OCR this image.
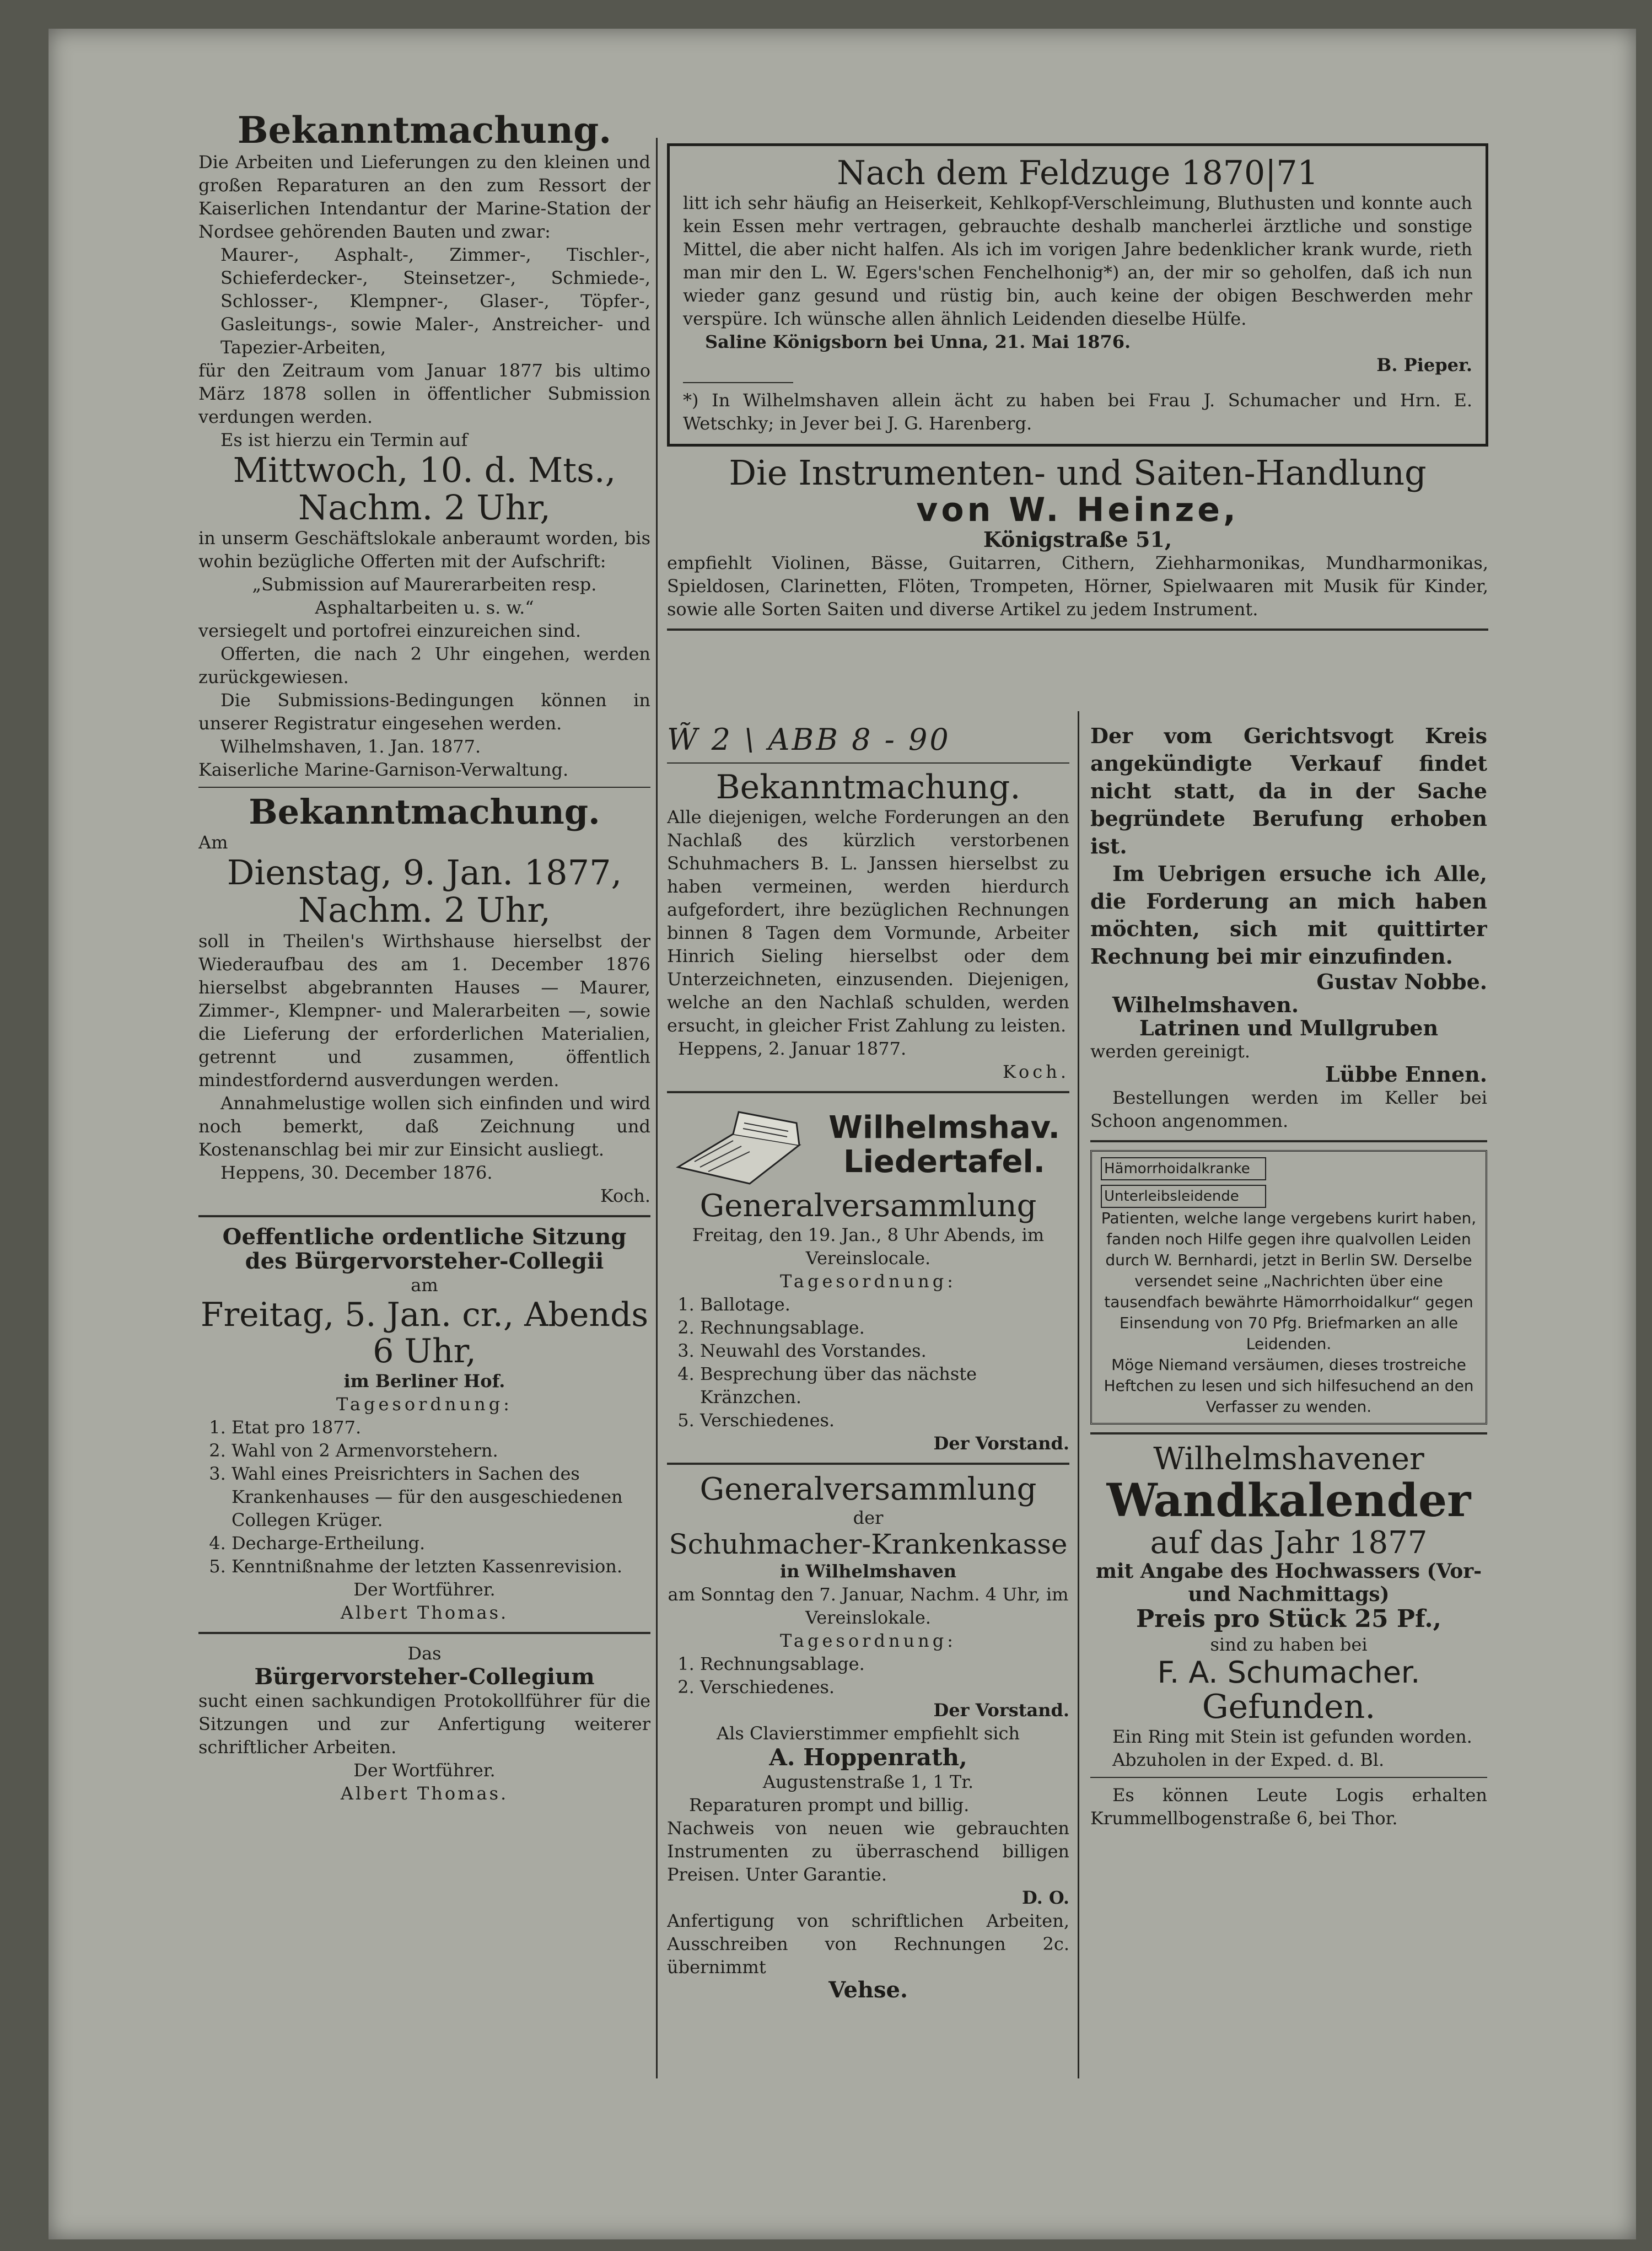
Bekanntmachung.

Die Arbeiten und Lieferungen zu den kleinen und großen Reparaturen an den zum Ressort der Kaiserlichen Intendantur der Marine-Station der Nordsee gehörenden Bauten und zwar:

Maurer-, Asphalt-, Zimmer-, Tischler-, Schieferdecker-, Steinsetzer-, Schmiede-, Schlosser-, Klempner-, Glaser-, Töpfer-, Gasleitungs-, sowie Maler-, Anstreicher- und Tapezier-Arbeiten,

für den Zeitraum vom Januar 1877 bis ultimo März 1878 sollen in öffentlicher Submission verdungen werden.

Es ist hierzu ein Termin auf

Mittwoch, 10. d. Mts., Nachm. 2 Uhr,

in unserm Geschäftslokale anberaumt worden, bis wohin bezügliche Offerten mit der Aufschrift:

„Submission auf Maurerarbeiten resp. Asphaltarbeiten u. s. w.“

versiegelt und portofrei einzureichen sind.

Offerten, die nach 2 Uhr eingehen, werden zurückgewiesen.

Die Submissions-Bedingungen können in unserer Registratur eingesehen werden.

Wilhelmshaven, 1. Jan. 1877.

Kaiserliche Marine-Garnison-Verwaltung.

Bekanntmachung.

Am

Dienstag, 9. Jan. 1877, Nachm. 2 Uhr,

soll in Theilen's Wirthshause hierselbst der Wiederaufbau des am 1. December 1876 hierselbst abgebrannten Hauses — Maurer, Zimmer-, Klempner- und Malerarbeiten —, sowie die Lieferung der erforderlichen Materialien, getrennt und zusammen, öffentlich mindestfordernd ausverdungen werden.

Annahmelustige wollen sich einfinden und wird noch bemerkt, daß Zeichnung und Kostenanschlag bei mir zur Einsicht ausliegt.

Heppens, 30. December 1876.

Koch.

Oeffentliche ordentliche Sitzung des Bürgervorsteher-Collegii

am

Freitag, 5. Jan. cr., Abends 6 Uhr,

im Berliner Hof.

Tagesordnung:

1. Etat pro 1877.
2. Wahl von 2 Armenvorstehern.
3. Wahl eines Preisrichters in Sachen des Krankenhauses — für den ausgeschiedenen Collegen Krüger.
4. Decharge-Ertheilung.
5. Kenntnißnahme der letzten Kassenrevision.

Der Wortführer.

Albert Thomas.

Das

Bürgervorsteher-Collegium

sucht einen sachkundigen Protokollführer für die Sitzungen und zur Anfertigung weiterer schriftlicher Arbeiten.

Der Wortführer.

Albert Thomas.

Nach dem Feldzuge 1870|71

litt ich sehr häufig an Heiserkeit, Kehlkopf-Verschleimung, Bluthusten und konnte auch kein Essen mehr vertragen, gebrauchte deshalb mancherlei ärztliche und sonstige Mittel, die aber nicht halfen. Als ich im vorigen Jahre bedenklicher krank wurde, rieth man mir den L. W. Egers'schen Fenchelhonig*) an, der mir so geholfen, daß ich nun wieder ganz gesund und rüstig bin, auch keine der obigen Beschwerden mehr verspüre. Ich wünsche allen ähnlich Leidenden dieselbe Hülfe.

Saline Königsborn bei Unna, 21. Mai 1876.

B. Pieper.

*) In Wilhelmshaven allein ächt zu haben bei Frau J. Schumacher und Hrn. E. Wetschky; in Jever bei J. G. Harenberg.

Die Instrumenten- und Saiten-Handlung

von W. Heinze,

Königstraße 51,

empfiehlt Violinen, Bässe, Guitarren, Cithern, Ziehharmonikas, Mundharmonikas, Spieldosen, Clarinetten, Flöten, Trompeten, Hörner, Spielwaaren mit Musik für Kinder, sowie alle Sorten Saiten und diverse Artikel zu jedem Instrument.

W̃ 2 \ ABB 8 - 90

Bekanntmachung.

Alle diejenigen, welche Forderungen an den Nachlaß des kürzlich verstorbenen Schuhmachers B. L. Janssen hierselbst zu haben vermeinen, werden hierdurch aufgefordert, ihre bezüglichen Rechnungen binnen 8 Tagen dem Vormunde, Arbeiter Hinrich Sieling hierselbst oder dem Unterzeichneten, einzusenden. Diejenigen, welche an den Nachlaß schulden, werden ersucht, in gleicher Frist Zahlung zu leisten.

Heppens, 2. Januar 1877.

Koch.

Wilhelmshav. Liedertafel.

Generalversammlung

Freitag, den 19. Jan., 8 Uhr Abends, im Vereinslocale.

Tagesordnung:

1. Ballotage.
2. Rechnungsablage.
3. Neuwahl des Vorstandes.
4. Besprechung über das nächste Kränzchen.
5. Verschiedenes.

Der Vorstand.

Generalversammlung

der

Schuhmacher-Krankenkasse

in Wilhelmshaven

am Sonntag den 7. Januar, Nachm. 4 Uhr, im Vereinslokale.

Tagesordnung:

1. Rechnungsablage.
2. Verschiedenes.

Der Vorstand.

Als Clavierstimmer empfiehlt sich

A. Hoppenrath,

Augustenstraße 1, 1 Tr.

Reparaturen prompt und billig.

Nachweis von neuen wie gebrauchten Instrumenten zu überraschend billigen Preisen. Unter Garantie.

D. O.

Anfertigung von schriftlichen Arbeiten, Ausschreiben von Rechnungen 2c. übernimmt

Vehse.

Der vom Gerichtsvogt Kreis angekündigte Verkauf findet nicht statt, da in der Sache begründete Berufung erhoben ist.

Im Uebrigen ersuche ich Alle, die Forderung an mich haben möchten, sich mit quittirter Rechnung bei mir einzufinden.

Gustav Nobbe.

Wilhelmshaven.

Latrinen und Mullgruben

werden gereinigt.

Lübbe Ennen.

Bestellungen werden im Keller bei Schoon angenommen.

Hämorrhoidalkranke

Unterleibsleidende

Patienten, welche lange vergebens kurirt haben, fanden noch Hilfe gegen ihre qualvollen Leiden durch W. Bernhardi, jetzt in Berlin SW. Derselbe versendet seine „Nachrichten über eine tausendfach bewährte Hämorrhoidalkur“ gegen Einsendung von 70 Pfg. Briefmarken an alle Leidenden.

Möge Niemand versäumen, dieses trostreiche Heftchen zu lesen und sich hilfesuchend an den Verfasser zu wenden.

Wilhelmshavener

Wandkalender

auf das Jahr 1877

mit Angabe des Hochwassers (Vor- und Nachmittags)

Preis pro Stück 25 Pf.,

sind zu haben bei

F. A. Schumacher.

Gefunden.

Ein Ring mit Stein ist gefunden worden.

Abzuholen in der Exped. d. Bl.

Es können Leute Logis erhalten Krummellbogenstraße 6, bei Thor.
